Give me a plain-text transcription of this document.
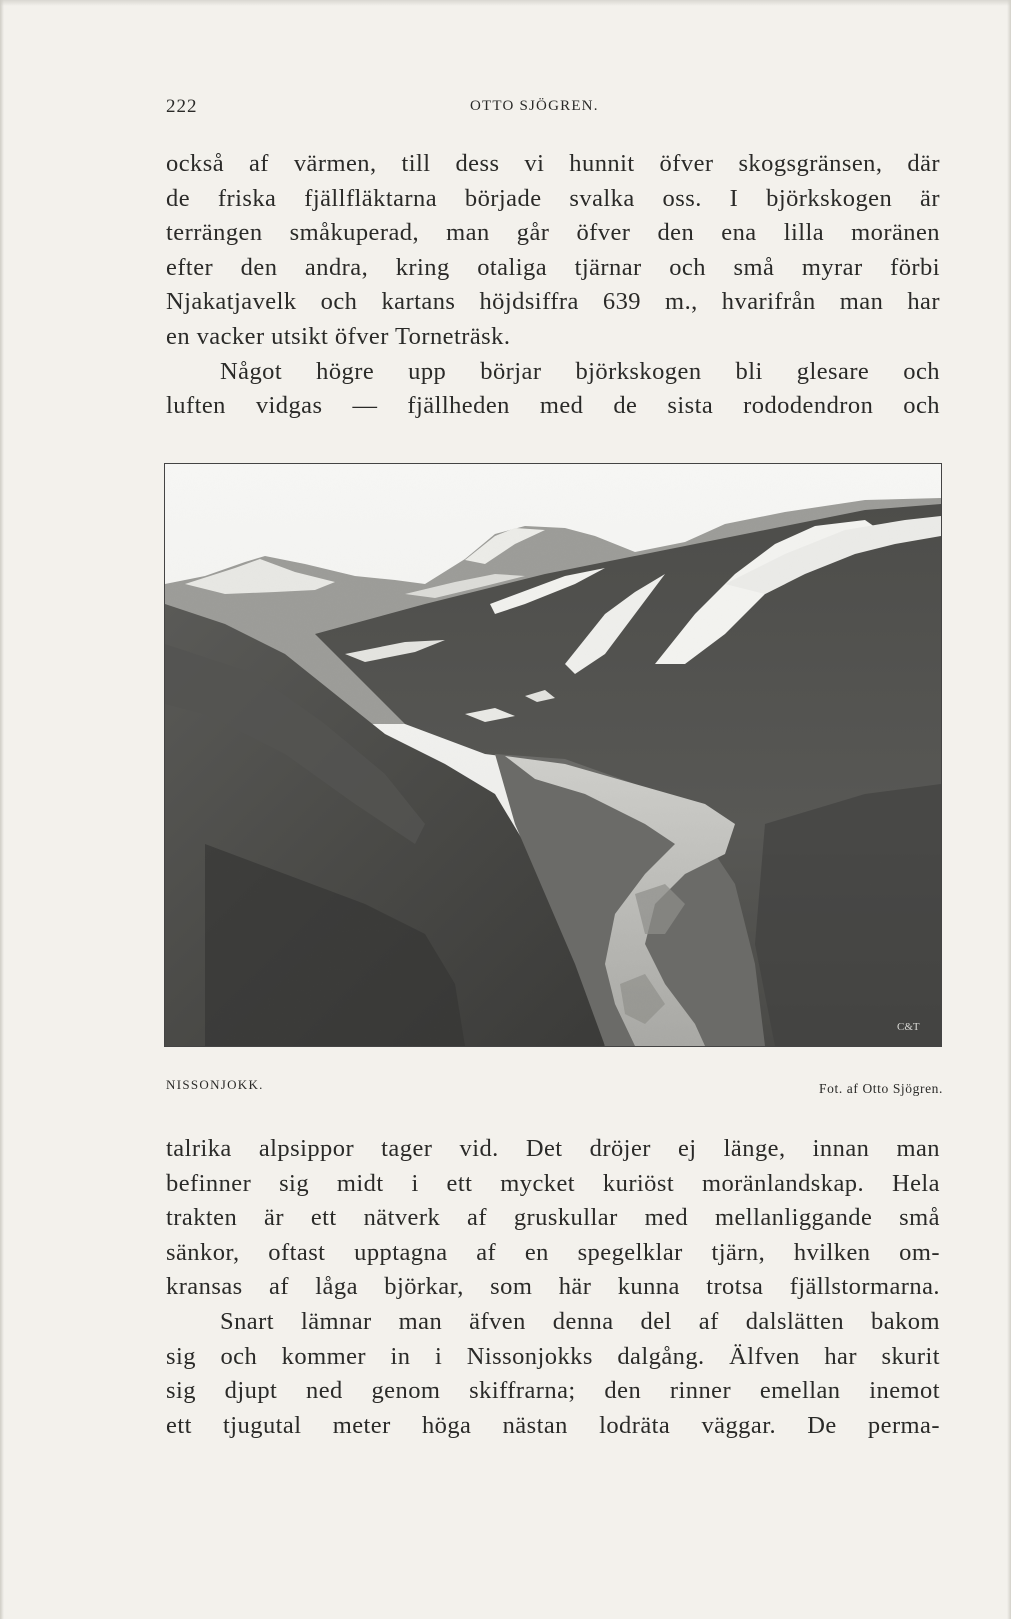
222	OTTO SJÖGREN.
också af värmen, till dess vi hunnit öfver skogsgränsen, där
de friska fjällfläktarna började svalka oss. I björkskogen är
terrängen småkuperad, man går öfver den ena lilla moränen
efter den andra, kring otaliga tjärnar och små myrar förbi
Njakatjavelk och kartans höjdsiffra 639 m., hvarifrån man har
en vacker utsikt öfver Torneträsk.
Något högre upp börjar björkskogen bli glesare och
luften vidgas — fjällheden med de sista rododendron och
C&T
NISSONJOKK.	Fot. af Otto Sjögren.
talrika alpsippor tager vid. Det dröjer ej länge, innan man
befinner sig midt i ett mycket kuriöst moränlandskap. Hela
trakten är ett nätverk af gruskullar med mellanliggande små
sänkor, oftast upptagna af en spegelklar tjärn, hvilken om-
kransas af låga björkar, som här kunna trotsa fjällstormarna.
Snart lämnar man äfven denna del af dalslätten bakom
sig och kommer in i Nissonjokks dalgång. Älfven har skurit
sig djupt ned genom skiffrarna; den rinner emellan inemot
ett tjugutal meter höga nästan lodräta väggar. De perma-
